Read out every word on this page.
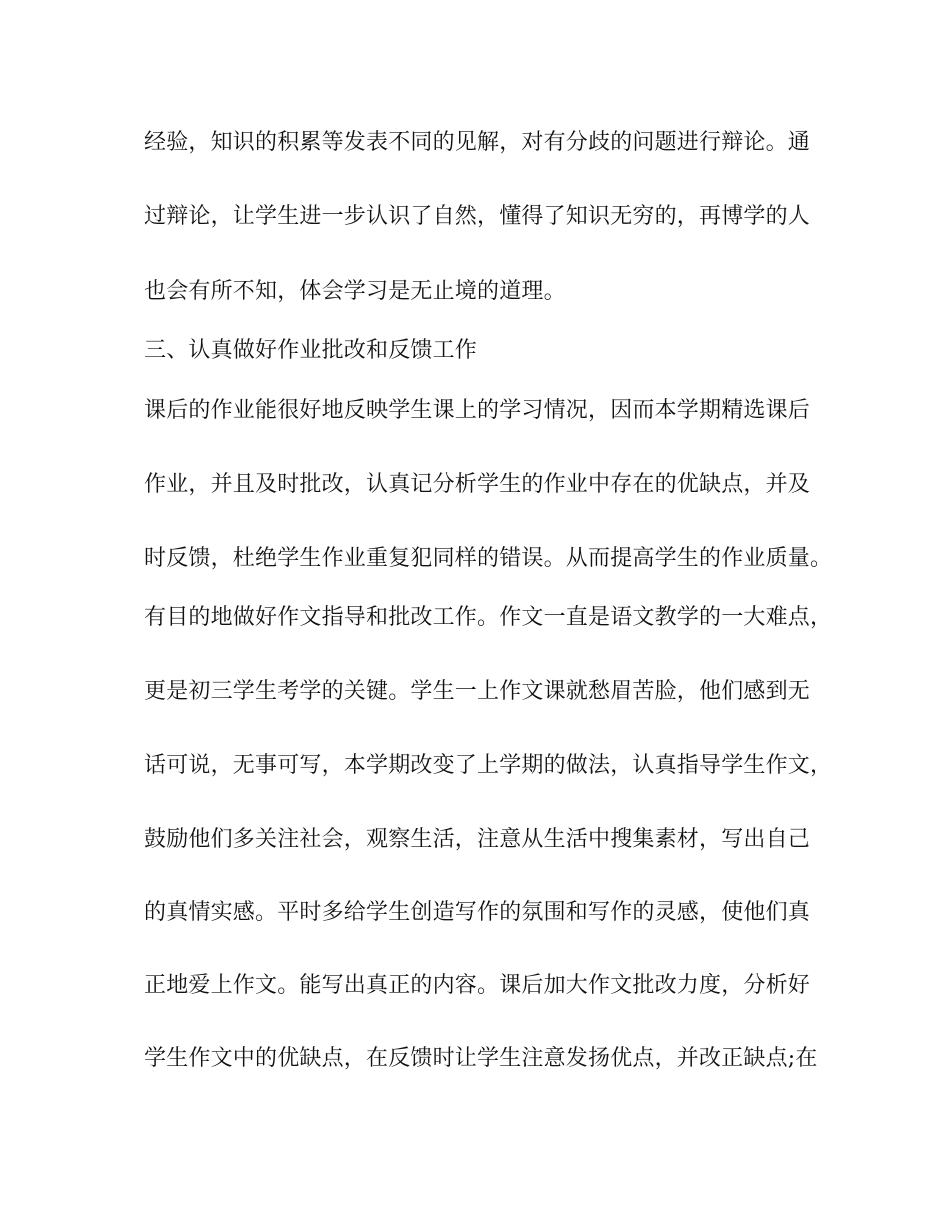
经验，知识的积累等发表不同的见解，对有分歧的问题进行辩论。通
过辩论，让学生进一步认识了自然，懂得了知识无穷的，再博学的人
也会有所不知，体会学习是无止境的道理。
三、认真做好作业批改和反馈工作
课后的作业能很好地反映学生课上的学习情况，因而本学期精选课后
作业，并且及时批改，认真记分析学生的作业中存在的优缺点，并及
时反馈，杜绝学生作业重复犯同样的错误。从而提高学生的作业质量。
有目的地做好作文指导和批改工作。作文一直是语文教学的一大难点，
更是初三学生考学的关键。学生一上作文课就愁眉苦脸，他们感到无
话可说，无事可写，本学期改变了上学期的做法，认真指导学生作文，
鼓励他们多关注社会，观察生活，注意从生活中搜集素材，写出自己
的真情实感。平时多给学生创造写作的氛围和写作的灵感，使他们真
正地爱上作文。能写出真正的内容。课后加大作文批改力度，分析好
学生作文中的优缺点，在反馈时让学生注意发扬优点，并改正缺点;在
